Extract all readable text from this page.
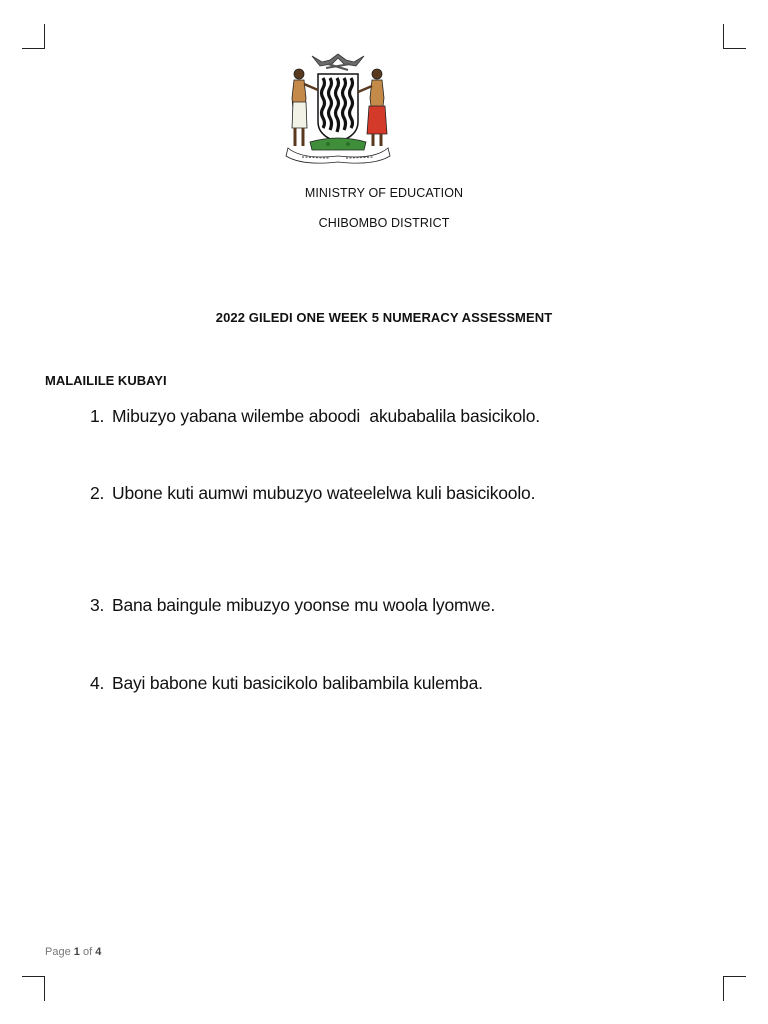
MINISTRY OF EDUCATION
CHIBOMBO DISTRICT
2022 GILEDI ONE WEEK 5 NUMERACY ASSESSMENT
MALAILILE KUBAYI
1. Mibuzyo yabana wilembe aboodi  akubabalila basicikolo.
2. Ubone kuti aumwi mubuzyo wateelelwa kuli basicikoolo.
3. Bana baingule mibuzyo yoonse mu woola lyomwe.
4. Bayi babone kuti basicikolo balibambila kulemba.
Page 1 of 4
